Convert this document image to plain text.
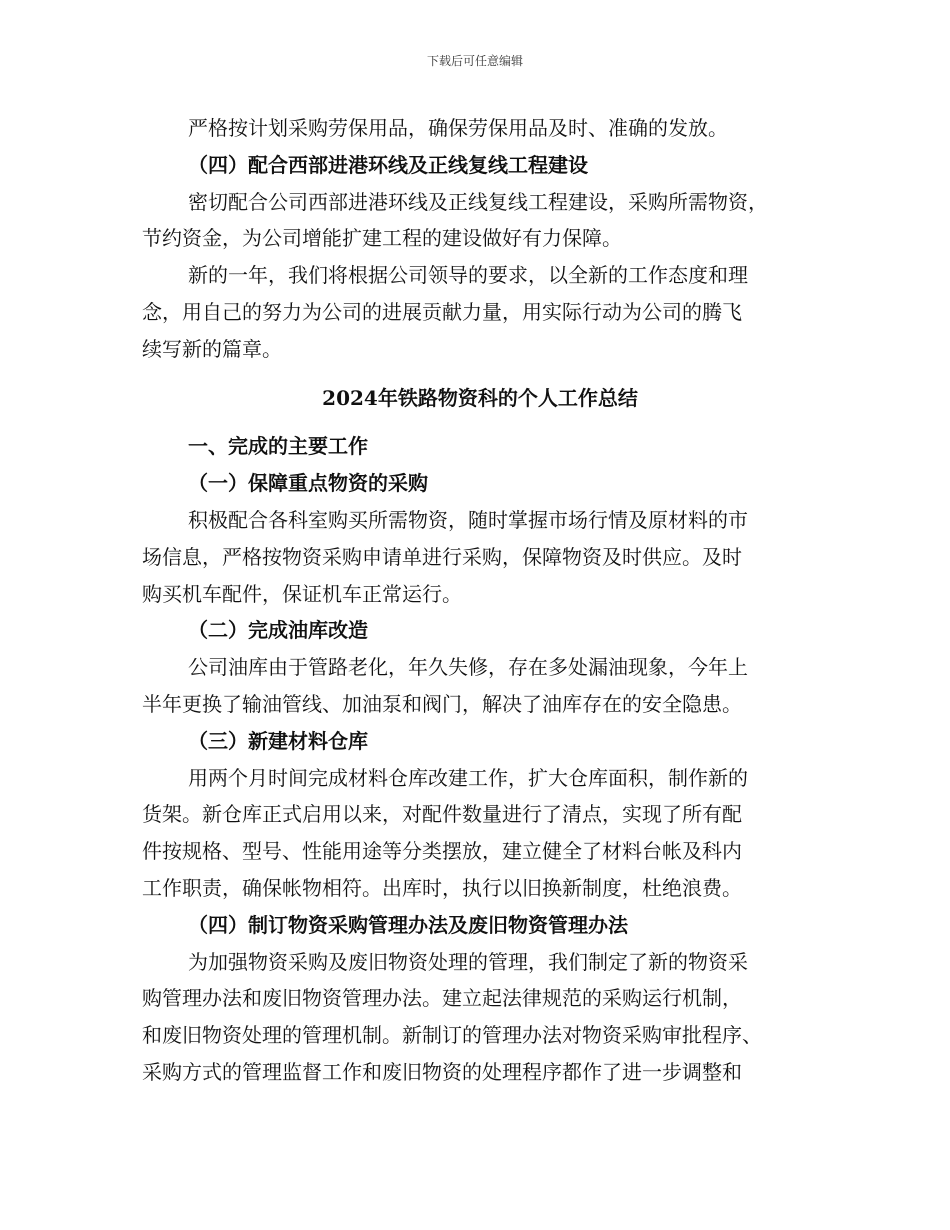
下载后可任意编辑
严格按计划采购劳保用品，确保劳保用品及时、准确的发放。
（四）配合西部进港环线及正线复线工程建设
密切配合公司西部进港环线及正线复线工程建设，采购所需物资，
节约资金，为公司增能扩建工程的建设做好有力保障。
新的一年，我们将根据公司领导的要求，以全新的工作态度和理
念，用自己的努力为公司的进展贡献力量，用实际行动为公司的腾飞
续写新的篇章。
2024年铁路物资科的个人工作总结
一、完成的主要工作
（一）保障重点物资的采购
积极配合各科室购买所需物资，随时掌握市场行情及原材料的市
场信息，严格按物资采购申请单进行采购，保障物资及时供应。及时
购买机车配件，保证机车正常运行。
（二）完成油库改造
公司油库由于管路老化，年久失修，存在多处漏油现象，今年上
半年更换了输油管线、加油泵和阀门，解决了油库存在的安全隐患。
（三）新建材料仓库
用两个月时间完成材料仓库改建工作，扩大仓库面积，制作新的
货架。新仓库正式启用以来，对配件数量进行了清点，实现了所有配
件按规格、型号、性能用途等分类摆放，建立健全了材料台帐及科内
工作职责，确保帐物相符。出库时，执行以旧换新制度，杜绝浪费。
（四）制订物资采购管理办法及废旧物资管理办法
为加强物资采购及废旧物资处理的管理，我们制定了新的物资采
购管理办法和废旧物资管理办法。建立起法律规范的采购运行机制，
和废旧物资处理的管理机制。新制订的管理办法对物资采购审批程序、
采购方式的管理监督工作和废旧物资的处理程序都作了进一步调整和
